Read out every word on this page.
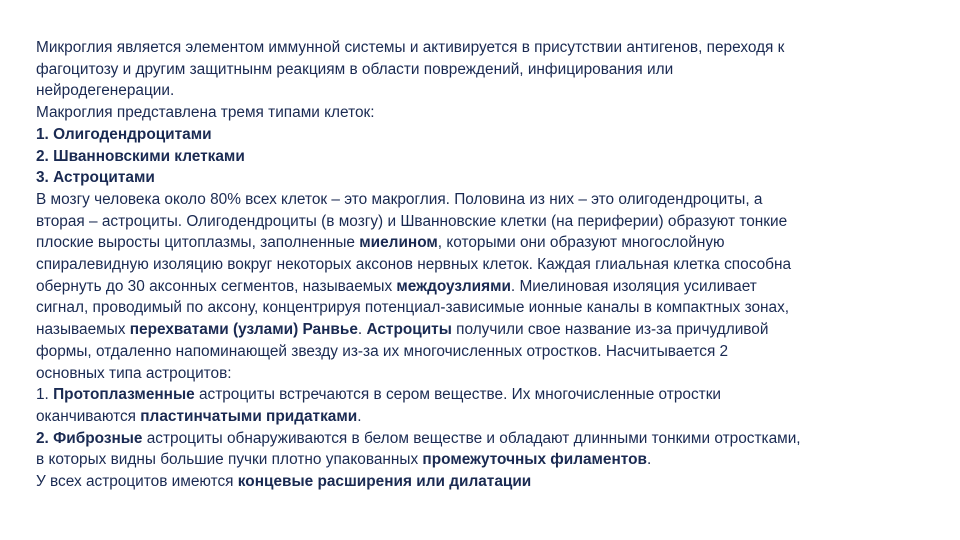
Микроглия является элементом иммунной системы и активируется в присутствии антигенов, переходя к
фагоцитозу и другим защитнынм реакциям в области повреждений, инфицирования или
нейродегенерации.
Макроглия представлена тремя типами клеток:
1. Олигодендроцитами
2. Шванновскими клетками
3. Астроцитами
В мозгу человека около 80% всех клеток – это макроглия. Половина из них – это олигодендроциты, а
вторая – астроциты. Олигодендроциты (в мозгу) и Шванновские клетки (на периферии) образуют тонкие
плоские выросты цитоплазмы, заполненные миелином, которыми они образуют многослойную
спиралевидную изоляцию вокруг некоторых аксонов нервных клеток. Каждая глиальная клетка способна
обернуть до 30 аксонных сегментов, называемых междоузлиями. Миелиновая изоляция усиливает
сигнал, проводимый по аксону, концентрируя потенциал-зависимые ионные каналы в компактных зонах,
называемых перехватами (узлами) Ранвье. Астроциты получили свое название из-за причудливой
формы, отдаленно напоминающей звезду из-за их многочисленных отростков. Насчитывается 2
основных типа астроцитов:
1. Протоплазменные астроциты встречаются в сером веществе. Их многочисленные отростки
оканчиваются пластинчатыми придатками.
2. Фиброзные астроциты обнаруживаются в белом веществе и обладают длинными тонкими отростками,
в которых видны большие пучки плотно упакованных промежуточных филаментов.
У всех астроцитов имеются концевые расширения или дилатации
